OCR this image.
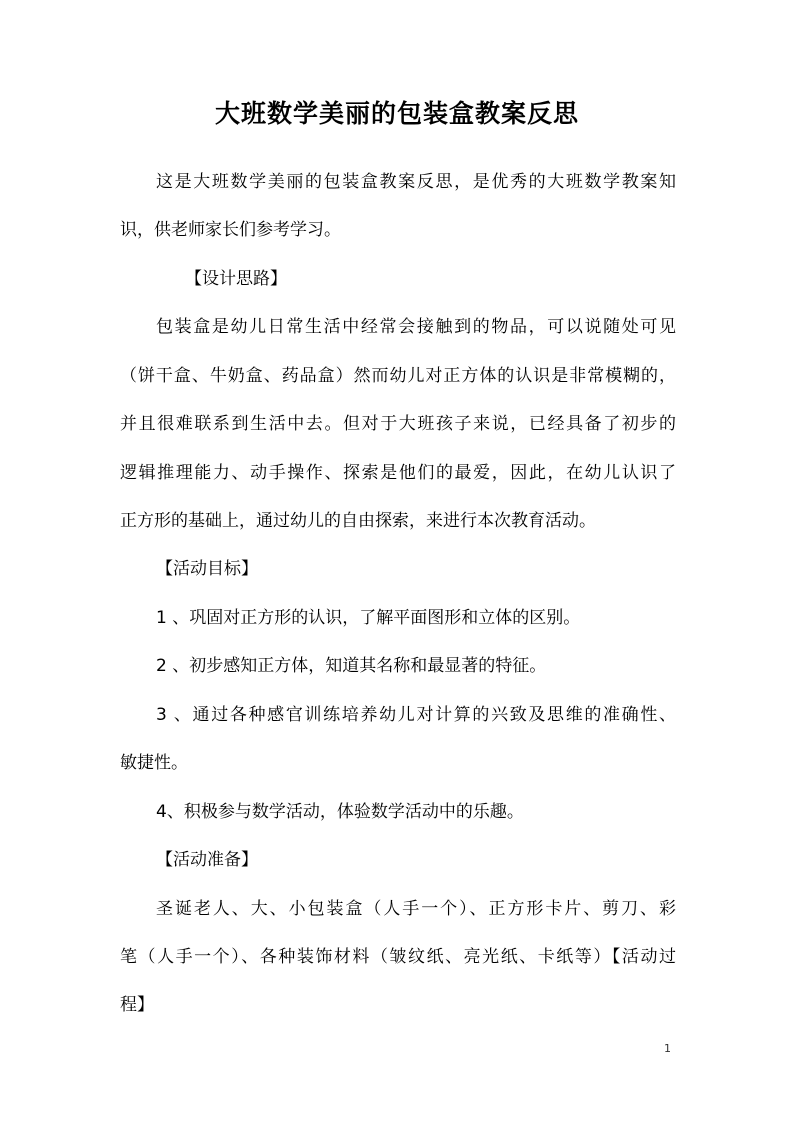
大班数学美丽的包装盒教案反思
这是大班数学美丽的包装盒教案反思，是优秀的大班数学教案知
识，供老师家长们参考学习。
【设计思路】
包装盒是幼儿日常生活中经常会接触到的物品，可以说随处可见
（饼干盒、牛奶盒、药品盒）然而幼儿对正方体的认识是非常模糊的，
并且很难联系到生活中去。但对于大班孩子来说，已经具备了初步的
逻辑推理能力、动手操作、探索是他们的最爱，因此，在幼儿认识了
正方形的基础上，通过幼儿的自由探索，来进行本次教育活动。
【活动目标】
1 、巩固对正方形的认识，了解平面图形和立体的区别。
2 、初步感知正方体，知道其名称和最显著的特征。
3 、通过各种感官训练培养幼儿对计算的兴致及思维的准确性、
敏捷性。
4、积极参与数学活动，体验数学活动中的乐趣。
【活动准备】
圣诞老人、大、小包装盒（人手一个）、正方形卡片、剪刀、彩
笔（人手一个）、各种装饰材料（皱纹纸、亮光纸、卡纸等）【活动过
程】
1
